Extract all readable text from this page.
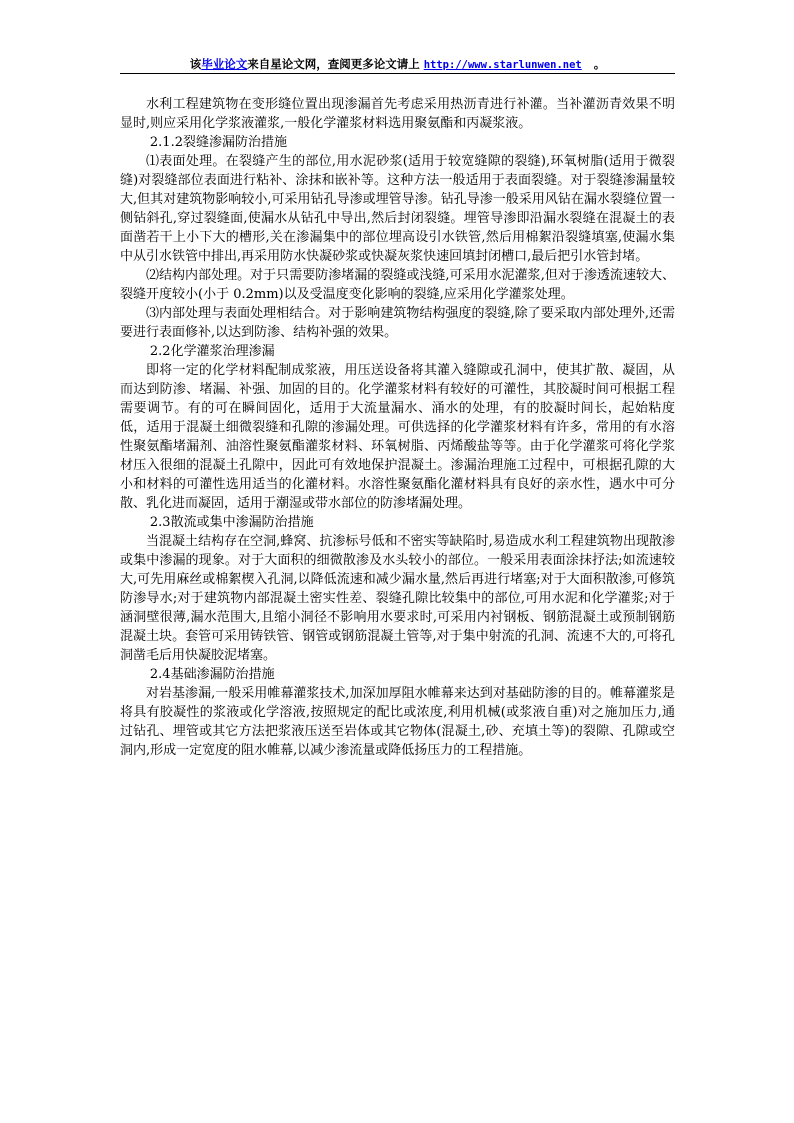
该毕业论文来自星论文网，查阅更多论文请上 http://www.starlunwen.net 。

水利工程建筑物在变形缝位置出现渗漏首先考虑采用热沥青进行补灌。当补灌沥青效果不明显时,则应采用化学浆液灌浆,一般化学灌浆材料选用聚氨酯和丙凝浆液。

2.1.2裂缝渗漏防治措施

⑴表面处理。在裂缝产生的部位,用水泥砂浆(适用于较宽缝隙的裂缝),环氧树脂(适用于微裂缝)对裂缝部位表面进行粘补、涂抹和嵌补等。这种方法一般适用于表面裂缝。对于裂缝渗漏量较大,但其对建筑物影响较小,可采用钻孔导渗或埋管导渗。钻孔导渗一般采用风钻在漏水裂缝位置一侧钻斜孔,穿过裂缝面,使漏水从钻孔中导出,然后封闭裂缝。埋管导渗即沿漏水裂缝在混凝土的表面凿若干上小下大的槽形,关在渗漏集中的部位埋高设引水铁管,然后用棉絮沿裂缝填塞,使漏水集中从引水铁管中排出,再采用防水快凝砂浆或快凝灰浆快速回填封闭槽口,最后把引水管封堵。

⑵结构内部处理。对于只需要防渗堵漏的裂缝或浅缝,可采用水泥灌浆,但对于渗透流速较大、裂缝开度较小(小于 0.2mm)以及受温度变化影响的裂缝,应采用化学灌浆处理。

⑶内部处理与表面处理相结合。对于影响建筑物结构强度的裂缝,除了要采取内部处理外,还需要进行表面修补,以达到防渗、结构补强的效果。

2.2化学灌浆治理渗漏

即将一定的化学材料配制成浆液，用压送设备将其灌入缝隙或孔洞中，使其扩散、凝固，从而达到防渗、堵漏、补强、加固的目的。化学灌浆材料有较好的可灌性，其胶凝时间可根据工程需要调节。有的可在瞬间固化，适用于大流量漏水、涌水的处理，有的胶凝时间长，起始粘度低，适用于混凝土细微裂缝和孔隙的渗漏处理。可供选择的化学灌浆材料有许多，常用的有水溶性聚氨酯堵漏剂、油溶性聚氨酯灌浆材料、环氧树脂、丙烯酸盐等等。由于化学灌浆可将化学浆材压入很细的混凝土孔隙中，因此可有效地保护混凝土。渗漏治理施工过程中，可根据孔隙的大小和材料的可灌性选用适当的化灌材料。水溶性聚氨酯化灌材料具有良好的亲水性，遇水中可分散、乳化进而凝固，适用于潮湿或带水部位的防渗堵漏处理。

2.3散流或集中渗漏防治措施

当混凝土结构存在空洞,蜂窝、抗渗标号低和不密实等缺陷时,易造成水利工程建筑物出现散渗或集中渗漏的现象。对于大面积的细微散渗及水头较小的部位。一般采用表面涂抹抒法;如流速较大,可先用麻丝或棉絮楔入孔洞,以降低流速和减少漏水量,然后再进行堵塞;对于大面积散渗,可修筑防渗导水;对于建筑物内部混凝土密实性差、裂缝孔隙比较集中的部位,可用水泥和化学灌浆;对于涵洞壁很薄,漏水范围大,且缩小洞径不影响用水要求时,可采用内衬钢板、钢筋混凝土或预制钢筋混凝土块。套管可采用铸铁管、钢管或钢筋混凝土管等,对于集中射流的孔洞、流速不大的,可将孔洞凿毛后用快凝胶泥堵塞。

2.4基础渗漏防治措施

对岩基渗漏,一般采用帷幕灌浆技术,加深加厚阻水帷幕来达到对基础防渗的目的。帷幕灌浆是将具有胶凝性的浆液或化学溶液,按照规定的配比或浓度,利用机械(或浆液自重)对之施加压力,通过钻孔、埋管或其它方法把浆液压送至岩体或其它物体(混凝土,砂、充填土等)的裂隙、孔隙或空洞内,形成一定宽度的阻水帷幕,以减少渗流量或降低扬压力的工程措施。
